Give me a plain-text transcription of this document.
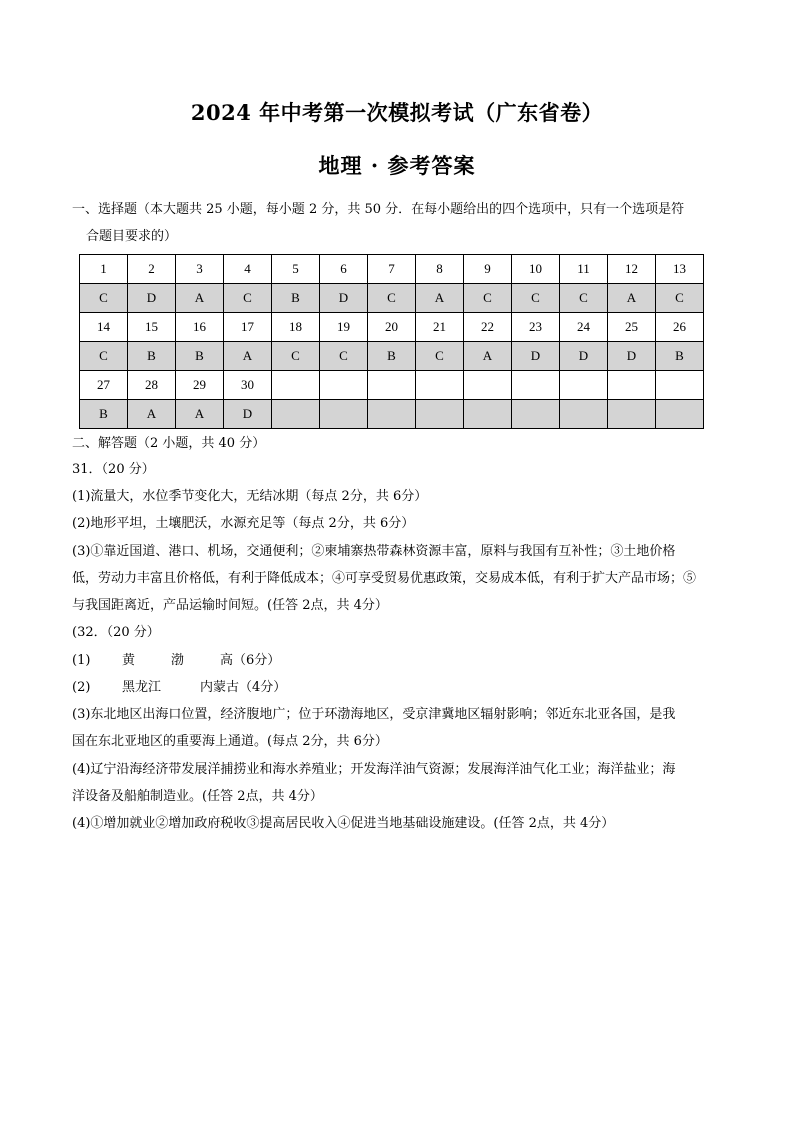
2024 年中考第一次模拟考试（广东省卷）
地理 · 参考答案
一、选择题（本大题共 25 小题，每小题 2 分，共 50 分．在每小题给出的四个选项中，只有一个选项是符
合题目要求的）
1	2	3	4	5	6	7	8	9	10	11	12	13
C	D	A	C	B	D	C	A	C	C	C	A	C
14	15	16	17	18	19	20	21	22	23	24	25	26
C	B	B	A	C	C	B	C	A	D	D	D	B
27	28	29	30									
B	A	A	D									
二、解答题（2 小题，共 40 分）
31．（20 分）
(1)流量大，水位季节变化大，无结冰期（每点 2分，共 6分）
(2)地形平坦，土壤肥沃，水源充足等（每点 2分，共 6分）
(3)①靠近国道、港口、机场，交通便利；②柬埔寨热带森林资源丰富，原料与我国有互补性；③土地价格
低，劳动力丰富且价格低，有利于降低成本；④可享受贸易优惠政策，交易成本低，有利于扩大产品市场；⑤
与我国距离近，产品运输时间短。(任答 2点，共 4分）
(32．（20 分）
(1) 黄	渤	高（6分）
(2) 黑龙江	内蒙古（4分）
(3)东北地区出海口位置，经济腹地广；位于环渤海地区，受京津冀地区辐射影响；邻近东北亚各国，是我
国在东北亚地区的重要海上通道。(每点 2分，共 6分）
(4)辽宁沿海经济带发展洋捕捞业和海水养殖业；开发海洋油气资源；发展海洋油气化工业；海洋盐业；海
洋设备及船舶制造业。(任答 2点，共 4分）
(4)①增加就业②增加政府税收③提高居民收入④促进当地基础设施建设。(任答 2点，共 4分）
